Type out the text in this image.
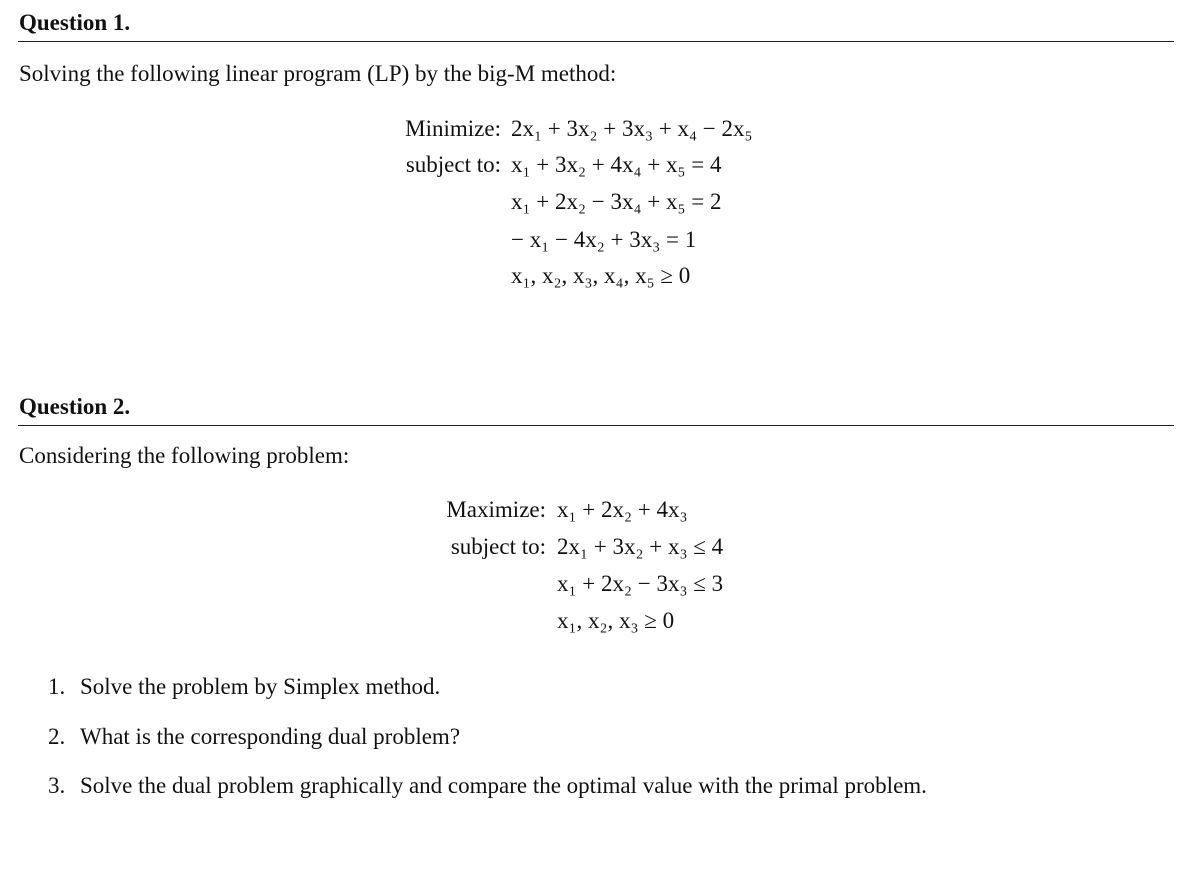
Question 1.
Solving the following linear program (LP) by the big-M method:
Minimize:
subject to:
2x₁ + 3x₂ + 3x₃ + x₄ − 2x₅
x₁ + 3x₂ + 4x₄ + x₅ = 4
x₁ + 2x₂ − 3x₄ + x₅ = 2
− x₁ − 4x₂ + 3x₃ = 1
x₁, x₂, x₃, x₄, x₅ ≥ 0
Question 2.
Considering the following problem:
Maximize:
subject to:
x₁ + 2x₂ + 4x₃
2x₁ + 3x₂ + x₃ ≤ 4
x₁ + 2x₂ − 3x₃ ≤ 3
x₁, x₂, x₃ ≥ 0
1. Solve the problem by Simplex method.
2. What is the corresponding dual problem?
3. Solve the dual problem graphically and compare the optimal value with the primal problem.
